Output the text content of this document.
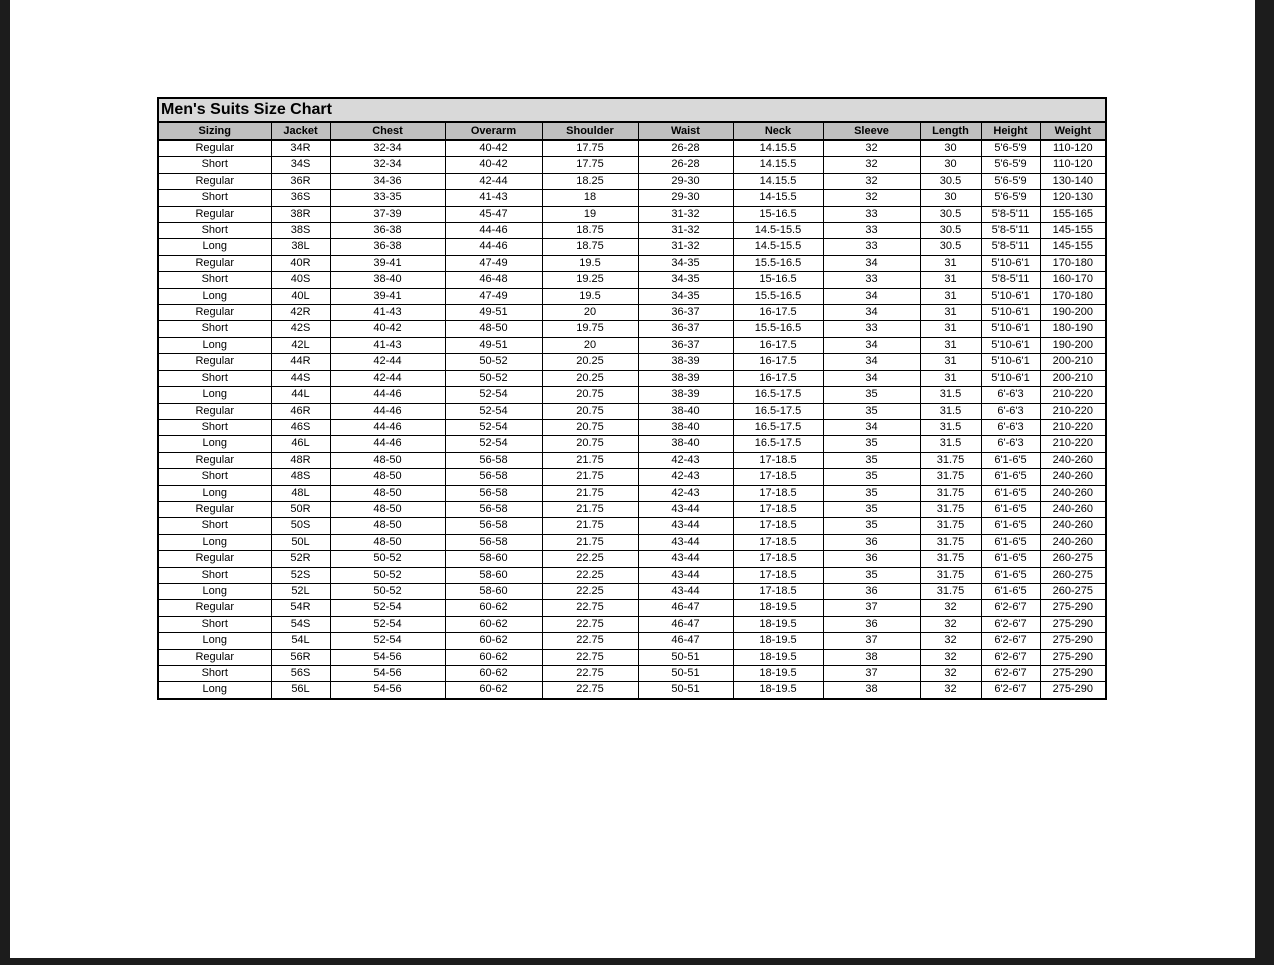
Men's Suits Size Chart										
Sizing	Jacket	Chest	Overarm	Shoulder	Waist	Neck	Sleeve	Length	Height	Weight
Regular	34R	32-34	40-42	17.75	26-28	14.15.5	32	30	5'6-5'9	110-120
Short	34S	32-34	40-42	17.75	26-28	14.15.5	32	30	5'6-5'9	110-120
Regular	36R	34-36	42-44	18.25	29-30	14.15.5	32	30.5	5'6-5'9	130-140
Short	36S	33-35	41-43	18	29-30	14-15.5	32	30	5'6-5'9	120-130
Regular	38R	37-39	45-47	19	31-32	15-16.5	33	30.5	5'8-5'11	155-165
Short	38S	36-38	44-46	18.75	31-32	14.5-15.5	33	30.5	5'8-5'11	145-155
Long	38L	36-38	44-46	18.75	31-32	14.5-15.5	33	30.5	5'8-5'11	145-155
Regular	40R	39-41	47-49	19.5	34-35	15.5-16.5	34	31	5'10-6'1	170-180
Short	40S	38-40	46-48	19.25	34-35	15-16.5	33	31	5'8-5'11	160-170
Long	40L	39-41	47-49	19.5	34-35	15.5-16.5	34	31	5'10-6'1	170-180
Regular	42R	41-43	49-51	20	36-37	16-17.5	34	31	5'10-6'1	190-200
Short	42S	40-42	48-50	19.75	36-37	15.5-16.5	33	31	5'10-6'1	180-190
Long	42L	41-43	49-51	20	36-37	16-17.5	34	31	5'10-6'1	190-200
Regular	44R	42-44	50-52	20.25	38-39	16-17.5	34	31	5'10-6'1	200-210
Short	44S	42-44	50-52	20.25	38-39	16-17.5	34	31	5'10-6'1	200-210
Long	44L	44-46	52-54	20.75	38-39	16.5-17.5	35	31.5	6'-6'3	210-220
Regular	46R	44-46	52-54	20.75	38-40	16.5-17.5	35	31.5	6'-6'3	210-220
Short	46S	44-46	52-54	20.75	38-40	16.5-17.5	34	31.5	6'-6'3	210-220
Long	46L	44-46	52-54	20.75	38-40	16.5-17.5	35	31.5	6'-6'3	210-220
Regular	48R	48-50	56-58	21.75	42-43	17-18.5	35	31.75	6'1-6'5	240-260
Short	48S	48-50	56-58	21.75	42-43	17-18.5	35	31.75	6'1-6'5	240-260
Long	48L	48-50	56-58	21.75	42-43	17-18.5	35	31.75	6'1-6'5	240-260
Regular	50R	48-50	56-58	21.75	43-44	17-18.5	35	31.75	6'1-6'5	240-260
Short	50S	48-50	56-58	21.75	43-44	17-18.5	35	31.75	6'1-6'5	240-260
Long	50L	48-50	56-58	21.75	43-44	17-18.5	36	31.75	6'1-6'5	240-260
Regular	52R	50-52	58-60	22.25	43-44	17-18.5	36	31.75	6'1-6'5	260-275
Short	52S	50-52	58-60	22.25	43-44	17-18.5	35	31.75	6'1-6'5	260-275
Long	52L	50-52	58-60	22.25	43-44	17-18.5	36	31.75	6'1-6'5	260-275
Regular	54R	52-54	60-62	22.75	46-47	18-19.5	37	32	6'2-6'7	275-290
Short	54S	52-54	60-62	22.75	46-47	18-19.5	36	32	6'2-6'7	275-290
Long	54L	52-54	60-62	22.75	46-47	18-19.5	37	32	6'2-6'7	275-290
Regular	56R	54-56	60-62	22.75	50-51	18-19.5	38	32	6'2-6'7	275-290
Short	56S	54-56	60-62	22.75	50-51	18-19.5	37	32	6'2-6'7	275-290
Long	56L	54-56	60-62	22.75	50-51	18-19.5	38	32	6'2-6'7	275-290
